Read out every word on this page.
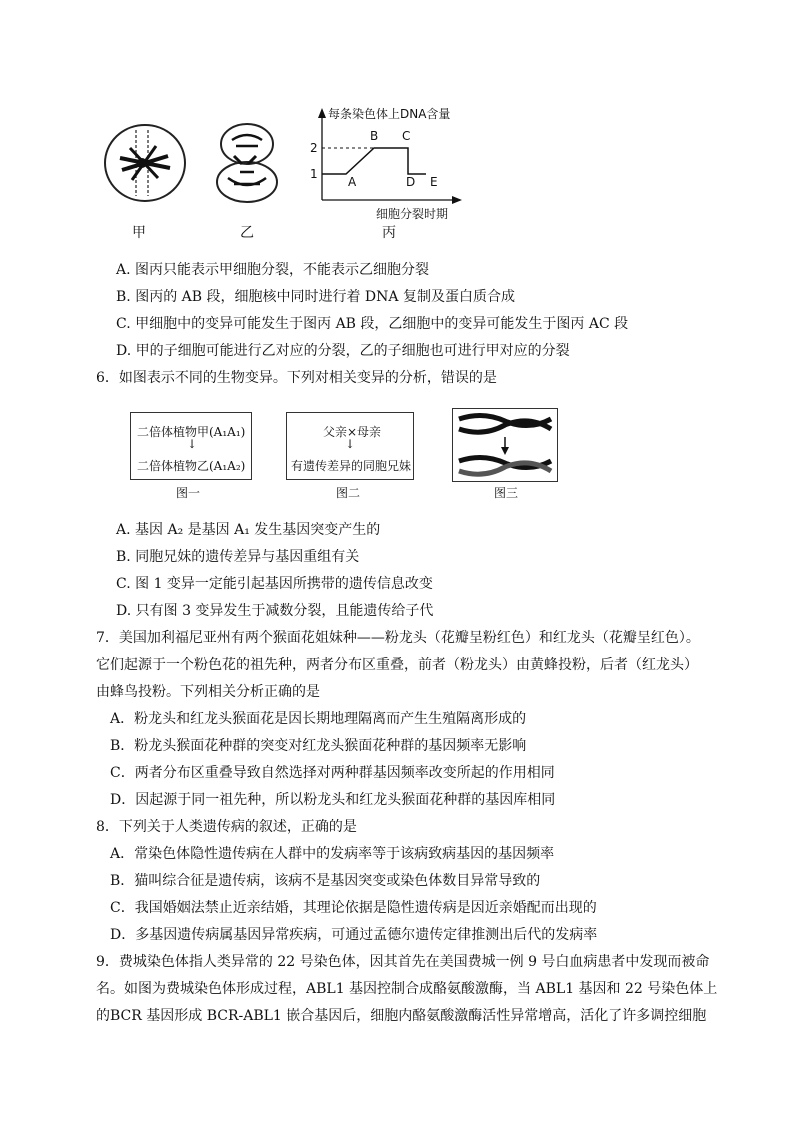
甲	乙
每条染色体上DNA含量
2
1
A
B C
D E
细胞分裂时期
丙
A. 图丙只能表示甲细胞分裂，不能表示乙细胞分裂
B. 图丙的 AB 段，细胞核中同时进行着 DNA 复制及蛋白质合成
C. 甲细胞中的变异可能发生于图丙 AB 段，乙细胞中的变异可能发生于图丙 AC 段
D. 甲的子细胞可能进行乙对应的分裂，乙的子细胞也可进行甲对应的分裂
6．如图表示不同的生物变异。下列对相关变异的分析，错误的是
二倍体植物甲(A₁A₁)
↓
二倍体植物乙(A₁A₂)
图一
父亲×母亲
↓
有遗传差异的同胞兄妹
图二	图三
A. 基因 A₂ 是基因 A₁ 发生基因突变产生的
B. 同胞兄妹的遗传差异与基因重组有关
C. 图 1 变异一定能引起基因所携带的遗传信息改变
D. 只有图 3 变异发生于减数分裂，且能遗传给子代
7．美国加利福尼亚州有两个猴面花姐妹种——粉龙头（花瓣呈粉红色）和红龙头（花瓣呈红色）。
它们起源于一个粉色花的祖先种，两者分布区重叠，前者（粉龙头）由黄蜂投粉，后者（红龙头）
由蜂鸟投粉。下列相关分析正确的是
A．粉龙头和红龙头猴面花是因长期地理隔离而产生生殖隔离形成的
B．粉龙头猴面花种群的突变对红龙头猴面花种群的基因频率无影响
C．两者分布区重叠导致自然选择对两种群基因频率改变所起的作用相同
D．因起源于同一祖先种，所以粉龙头和红龙头猴面花种群的基因库相同
8．下列关于人类遗传病的叙述，正确的是
A．常染色体隐性遗传病在人群中的发病率等于该病致病基因的基因频率
B．猫叫综合征是遗传病，该病不是基因突变或染色体数目异常导致的
C．我国婚姻法禁止近亲结婚，其理论依据是隐性遗传病是因近亲婚配而出现的
D．多基因遗传病属基因异常疾病，可通过孟德尔遗传定律推测出后代的发病率
9．费城染色体指人类异常的 22 号染色体，因其首先在美国费城一例 9 号白血病患者中发现而被命
名。如图为费城染色体形成过程，ABL1 基因控制合成酪氨酸激酶，当 ABL1 基因和 22 号染色体上
的BCR 基因形成 BCR-ABL1 嵌合基因后，细胞内酪氨酸激酶活性异常增高，活化了许多调控细胞
